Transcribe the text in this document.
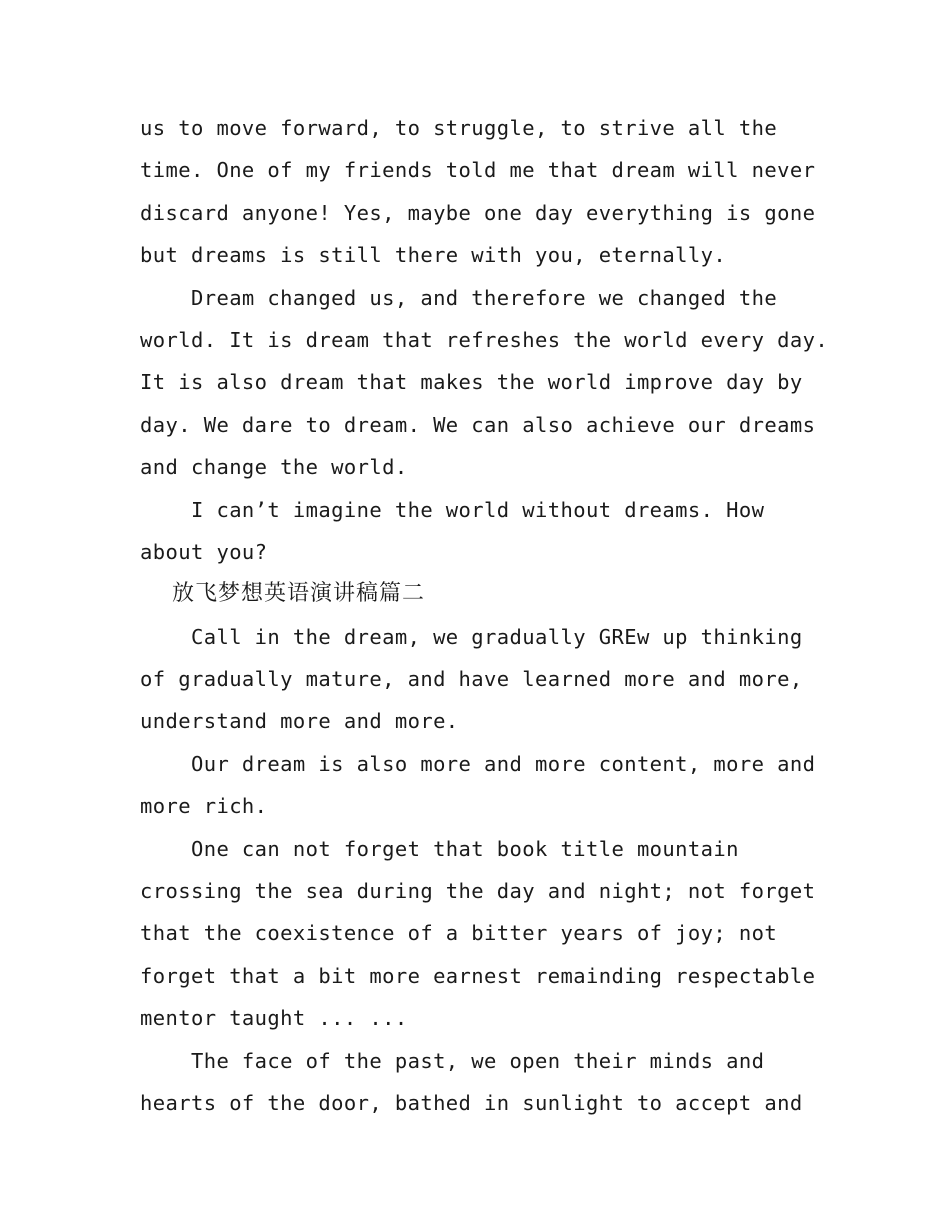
us to move forward, to struggle, to strive all the
time. One of my friends told me that dream will never
discard anyone! Yes, maybe one day everything is gone
but dreams is still there with you, eternally.
Dream changed us, and therefore we changed the
world. It is dream that refreshes the world every day.
It is also dream that makes the world improve day by
day. We dare to dream. We can also achieve our dreams
and change the world.
I can’t imagine the world without dreams. How
about you?
放飞梦想英语演讲稿篇二
Call in the dream, we gradually GREw up thinking
of gradually mature, and have learned more and more,
understand more and more.
Our dream is also more and more content, more and
more rich.
One can not forget that book title mountain
crossing the sea during the day and night; not forget
that the coexistence of a bitter years of joy; not
forget that a bit more earnest remainding respectable
mentor taught ... ...
The face of the past, we open their minds and
hearts of the door, bathed in sunlight to accept and
